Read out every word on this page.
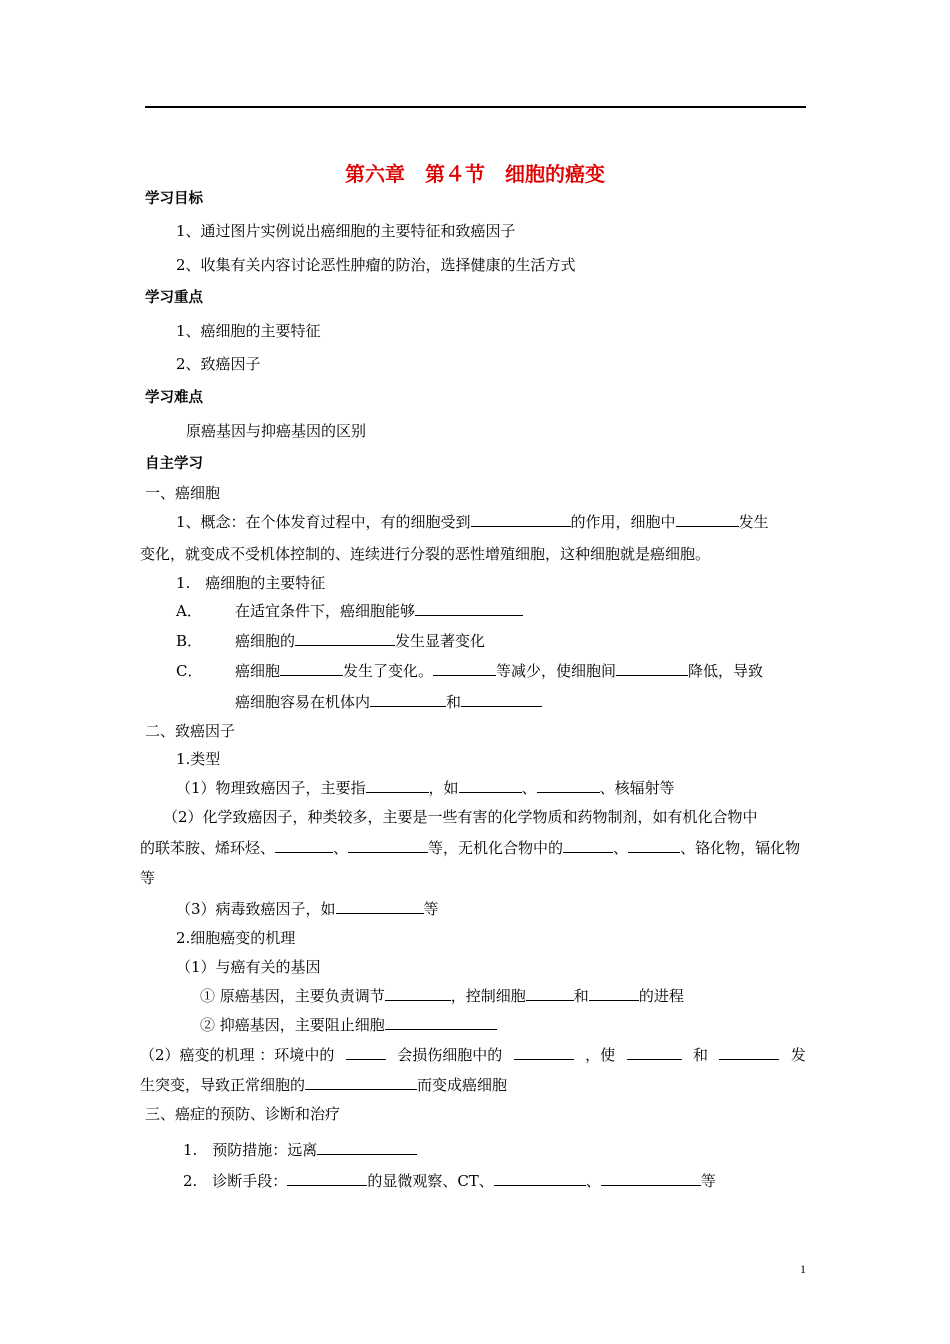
第六章　第４节　细胞的癌变
学习目标
1、通过图片实例说出癌细胞的主要特征和致癌因子
2、收集有关内容讨论恶性肿瘤的防治，选择健康的生活方式
学习重点
1、癌细胞的主要特征
2、致癌因子
学习难点
原癌基因与抑癌基因的区别
自主学习
一、癌细胞
1、概念：在个体发育过程中，有的细胞受到	的作用，细胞中	发生
变化，就变成不受机体控制的、连续进行分裂的恶性增殖细胞，这种细胞就是癌细胞。
1.　癌细胞的主要特征
A． 在适宜条件下，癌细胞能够
B． 癌细胞的	发生显著变化
C． 癌细胞	发生了变化。	等减少，使细胞间	降低，导致
癌细胞容易在机体内	和
二、致癌因子
1.类型
（1）物理致癌因子，主要指	，如	、	、核辐射等
（2）化学致癌因子，种类较多，主要是一些有害的化学物质和药物制剂，如有机化合物中
的联苯胺、烯环烃、	、	等，无机化合物中的	、	、铬化物，镉化物
等
（3）病毒致癌因子，如	等
2.细胞癌变的机理
（1）与癌有关的基因
① 原癌基因，主要负责调节	，控制细胞	和	的进程
② 抑癌基因，主要阻止细胞
（2）癌变的机理 ：环境中的	会损伤细胞中的	，使	和	发
生突变，导致正常细胞的	而变成癌细胞
三、癌症的预防、诊断和治疗
1.　预防措施：远离
2.　诊断手段：	的显微观察、CT、	、	等
1
